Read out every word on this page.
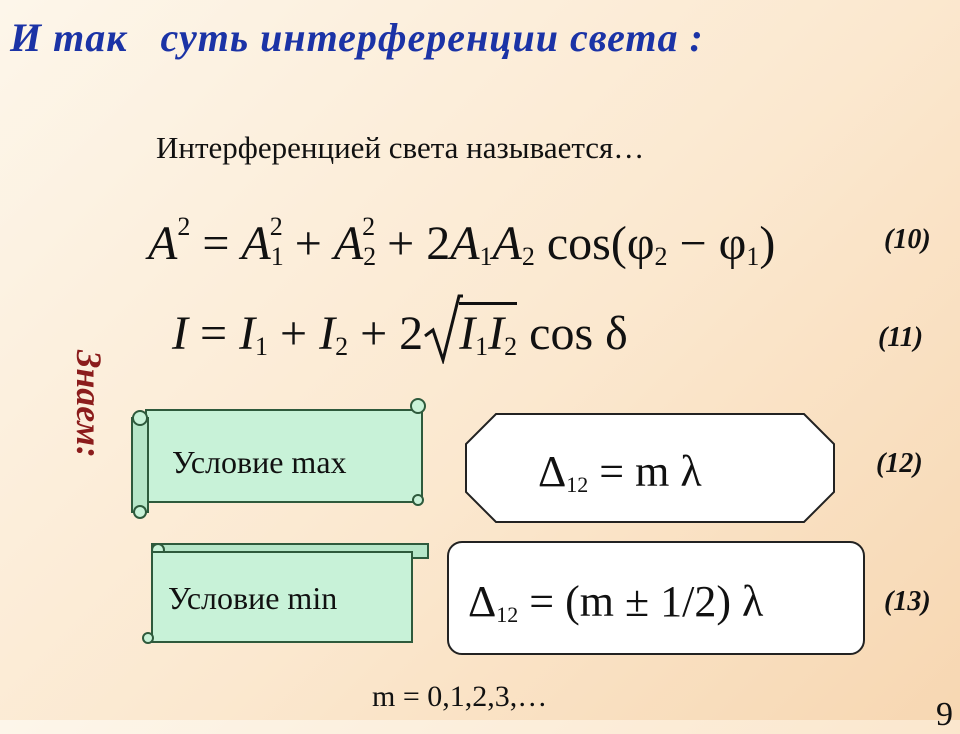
И так   суть интерференции света :
Интерференцией света называется…
$A^2 = A_1^2 + A_2^2 + 2A_1A_2$ $\cos(\varphi_2 - \varphi_1)$	(10)
$I = I_1 + I_2 + 2$ $I_1I_2$ cos δ	(11)
Знаем:
Условие max	$\Delta_{12} = m$ λ	(12)
Условие min	$\Delta_{12} = (m \pm 1/2)$ λ	(13)
m = 0,1,2,3,…	9
